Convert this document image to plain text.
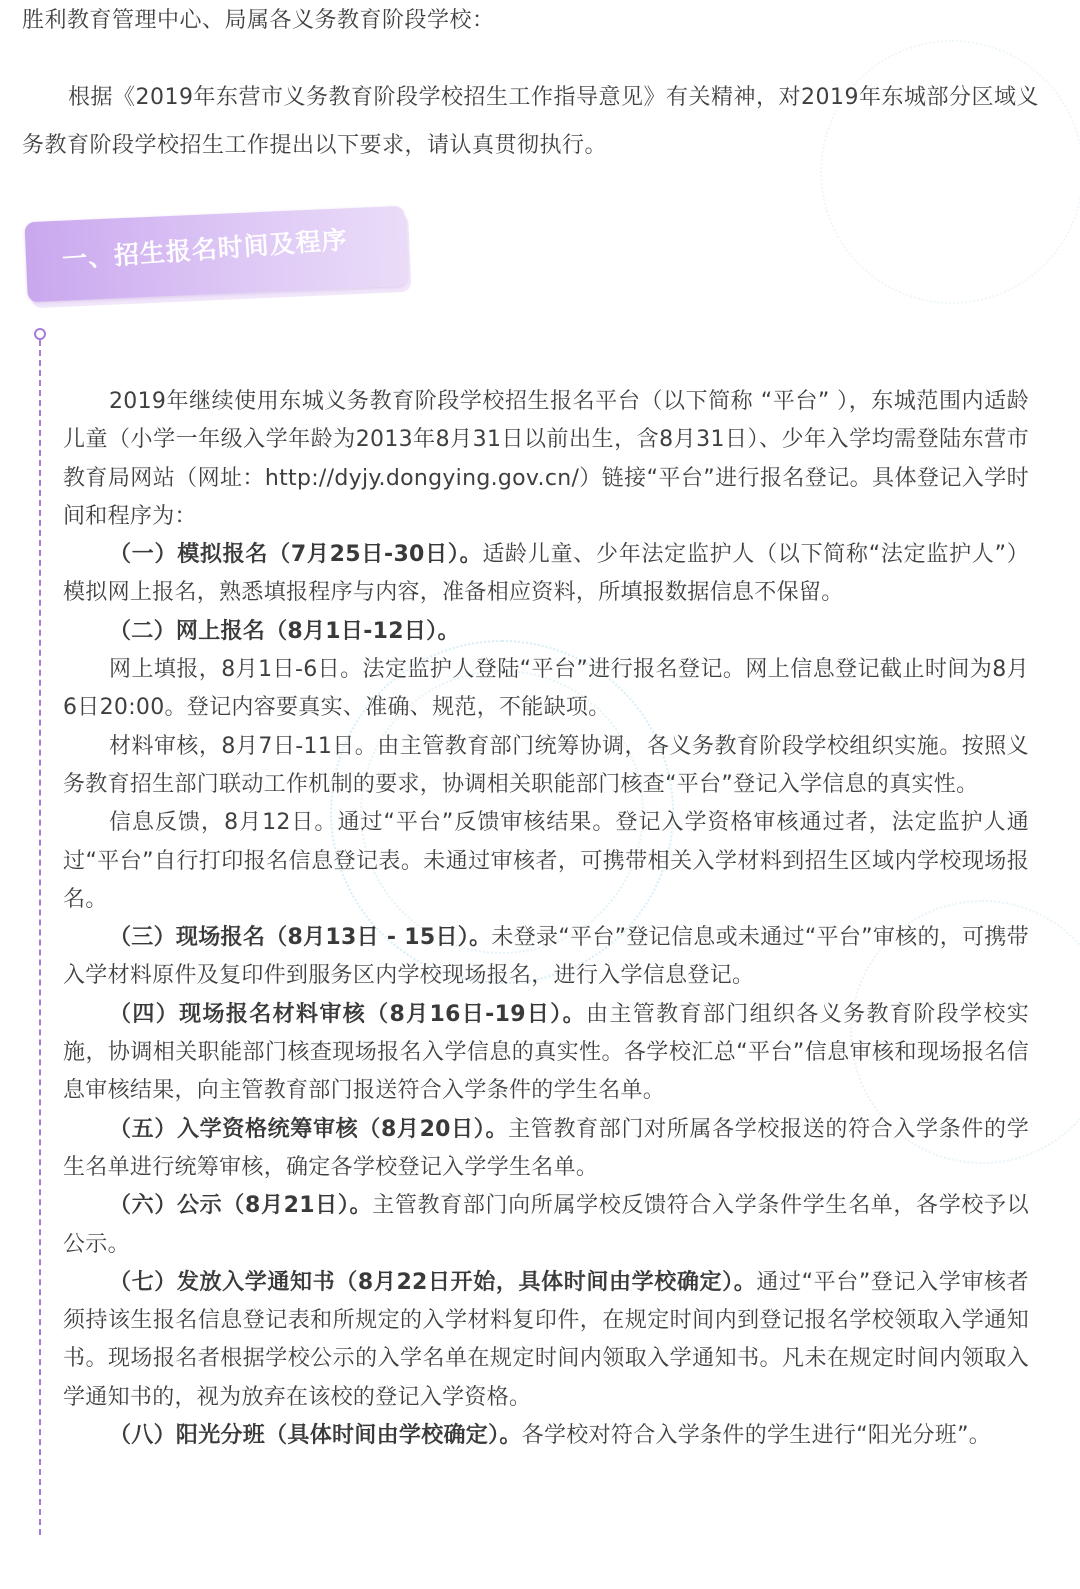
胜利教育管理中心、局属各义务教育阶段学校：

根据《2019年东营市义务教育阶段学校招生工作指导意见》有关精神，对2019年东城部分区域义务教育阶段学校招生工作提出以下要求，请认真贯彻执行。

一、招生报名时间及程序

2019年继续使用东城义务教育阶段学校招生报名平台（以下简称 “平台” ），东城范围内适龄儿童（小学一年级入学年龄为2013年8月31日以前出生，含8月31日）、少年入学均需登陆东营市教育局网站（网址：http://dyjy.dongying.gov.cn/）链接“平台”进行报名登记。具体登记入学时间和程序为：

（一）模拟报名（7月25日-30日）。适龄儿童、少年法定监护人（以下简称“法定监护人”）模拟网上报名，熟悉填报程序与内容，准备相应资料，所填报数据信息不保留。

（二）网上报名（8月1日-12日）。

网上填报，8月1日-6日。法定监护人登陆“平台”进行报名登记。网上信息登记截止时间为8月6日20:00。登记内容要真实、准确、规范，不能缺项。

材料审核，8月7日-11日。由主管教育部门统筹协调，各义务教育阶段学校组织实施。按照义务教育招生部门联动工作机制的要求，协调相关职能部门核查“平台”登记入学信息的真实性。

信息反馈，8月12日。通过“平台”反馈审核结果。登记入学资格审核通过者，法定监护人通过“平台”自行打印报名信息登记表。未通过审核者，可携带相关入学材料到招生区域内学校现场报名。

（三）现场报名（8月13日 - 15日）。未登录“平台”登记信息或未通过“平台”审核的，可携带入学材料原件及复印件到服务区内学校现场报名，进行入学信息登记。

（四）现场报名材料审核（8月16日-19日）。由主管教育部门组织各义务教育阶段学校实施，协调相关职能部门核查现场报名入学信息的真实性。各学校汇总“平台”信息审核和现场报名信息审核结果，向主管教育部门报送符合入学条件的学生名单。

（五）入学资格统筹审核（8月20日）。主管教育部门对所属各学校报送的符合入学条件的学生名单进行统筹审核，确定各学校登记入学学生名单。

（六）公示（8月21日）。主管教育部门向所属学校反馈符合入学条件学生名单，各学校予以公示。

（七）发放入学通知书（8月22日开始，具体时间由学校确定）。通过“平台”登记入学审核者须持该生报名信息登记表和所规定的入学材料复印件，在规定时间内到登记报名学校领取入学通知书。现场报名者根据学校公示的入学名单在规定时间内领取入学通知书。凡未在规定时间内领取入学通知书的，视为放弃在该校的登记入学资格。

（八）阳光分班（具体时间由学校确定）。各学校对符合入学条件的学生进行“阳光分班”。
